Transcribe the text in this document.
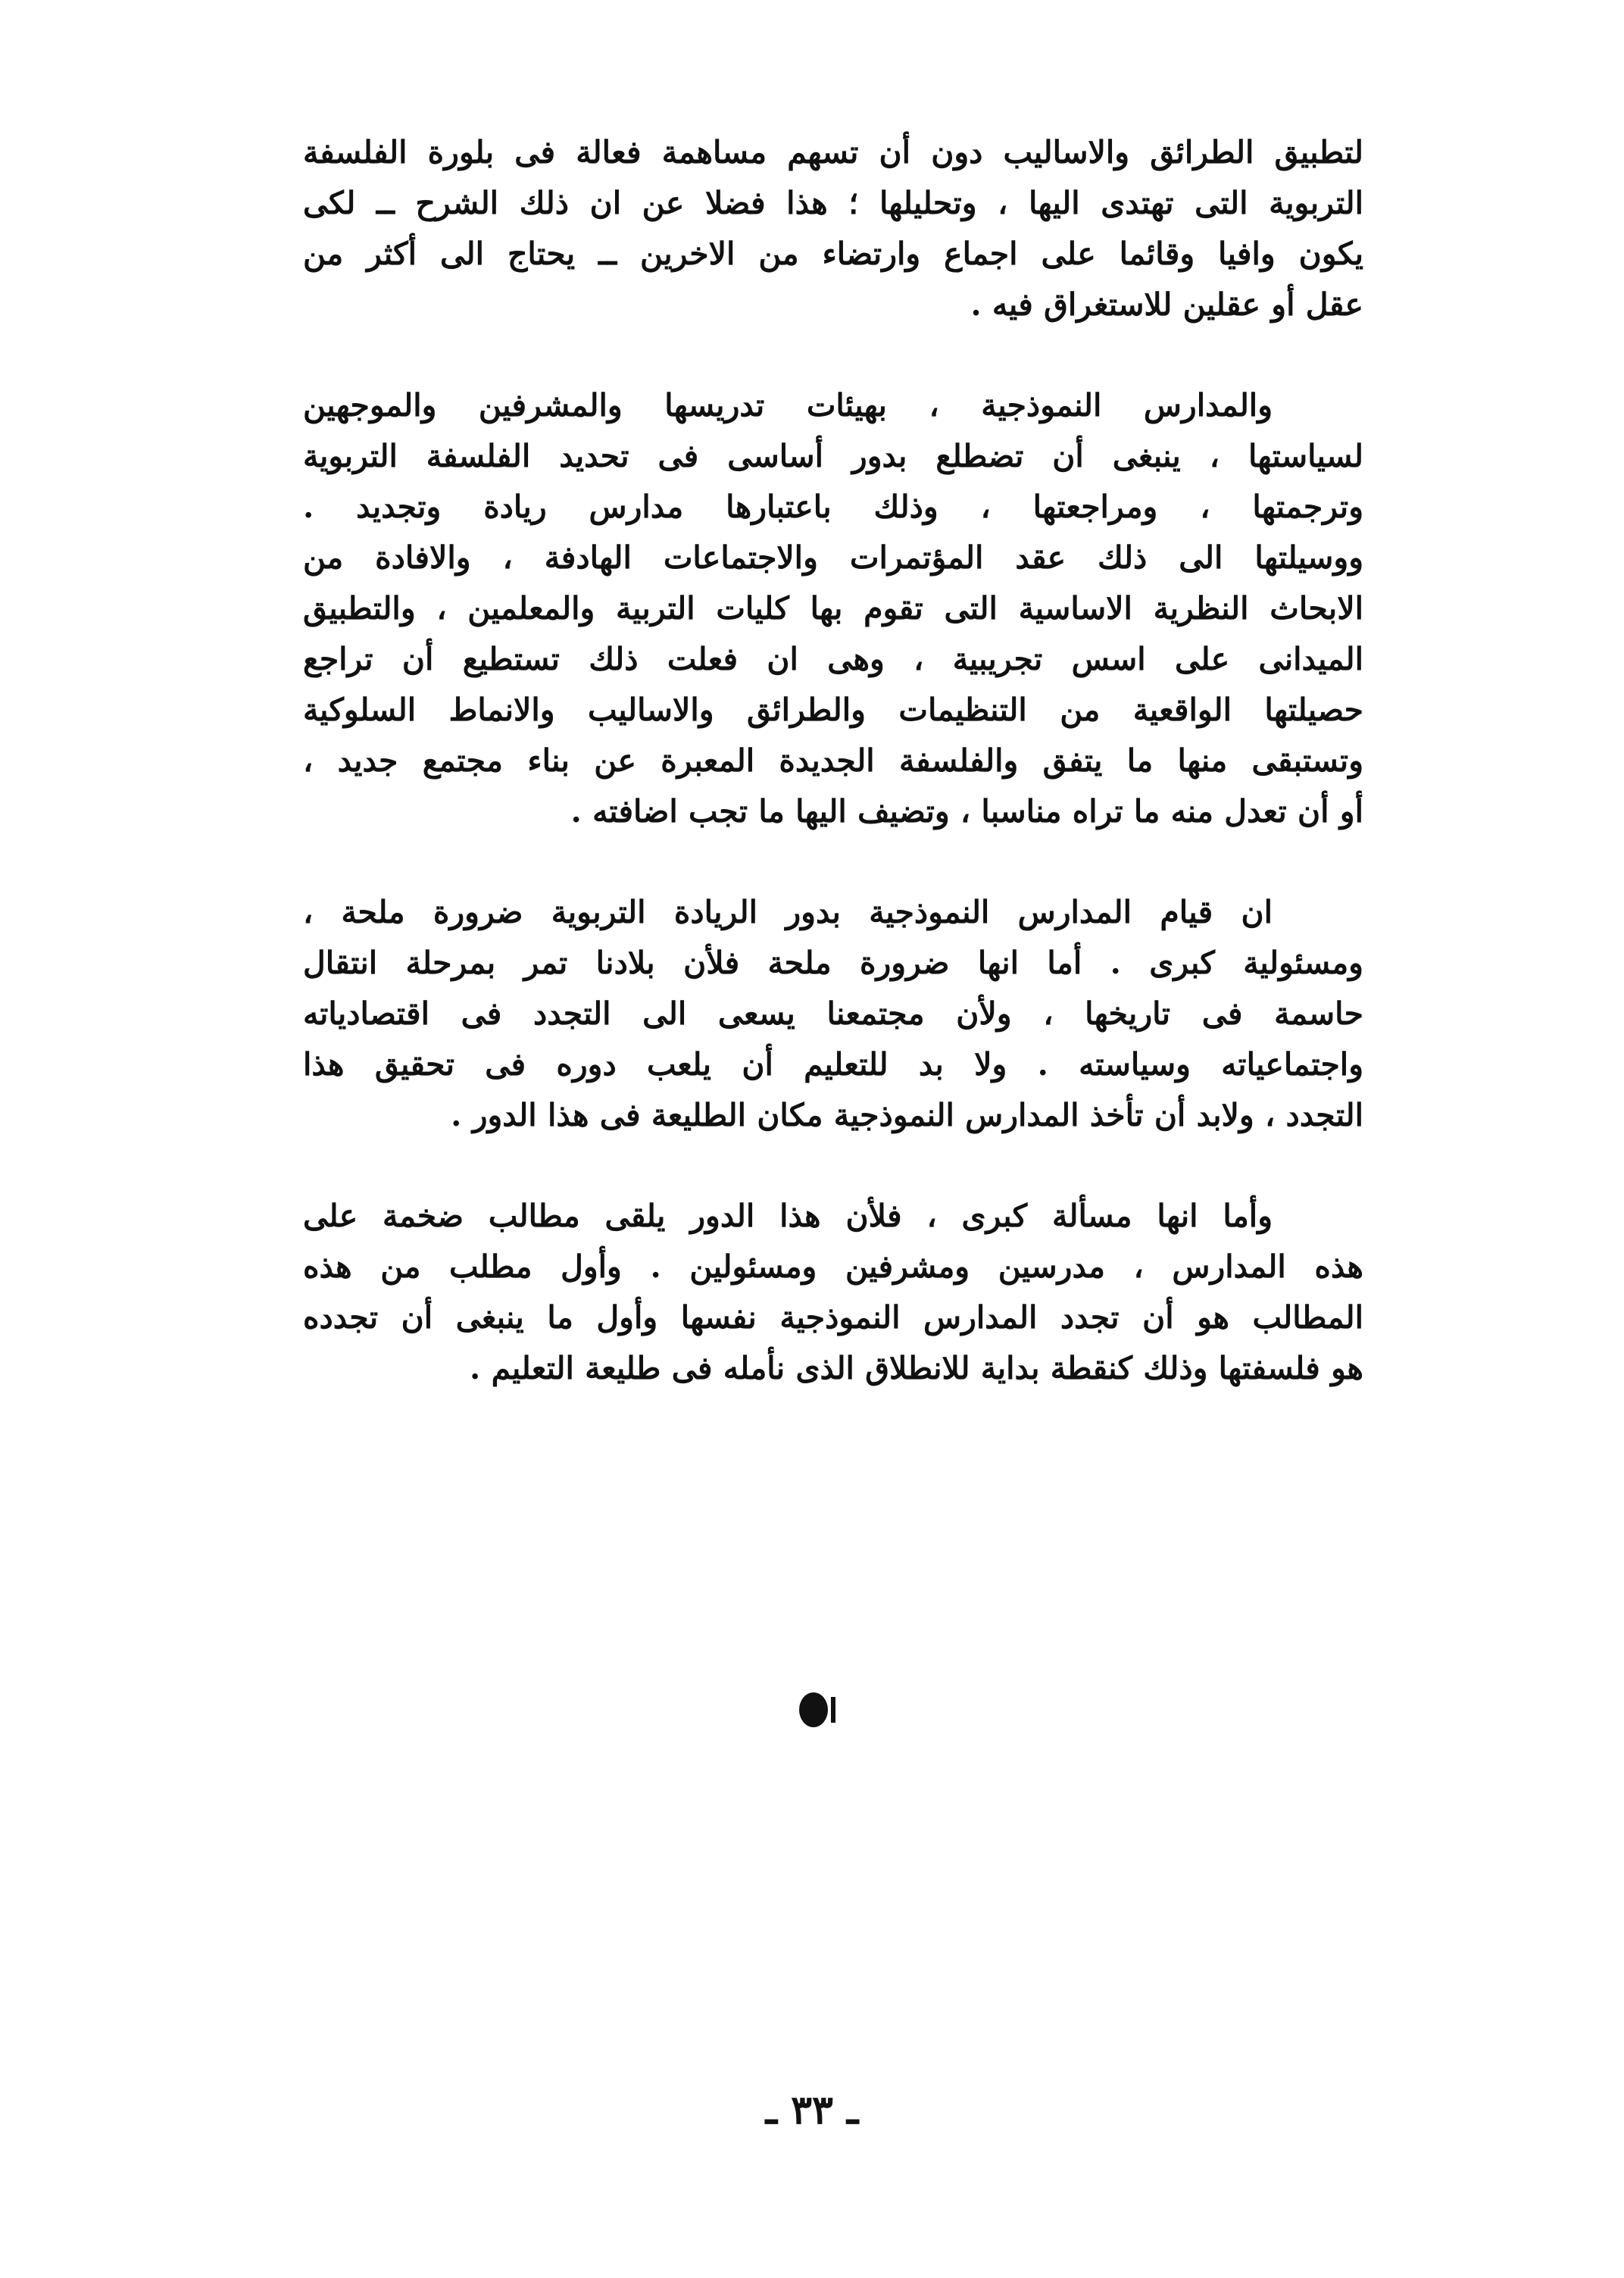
لتطبيق الطرائق والاساليب دون أن تسهم مساهمة فعالة فى بلورة الفلسفة
التربوية التى تهتدى اليها ، وتحليلها ؛ هذا فضلا عن ان ذلك الشرح ــ لكى
يكون وافيا وقائما على اجماع وارتضاء من الاخرين ــ يحتاج الى أكثر من
عقل أو عقلين للاستغراق فيه .
والمدارس النموذجية ، بهيئات تدريسها والمشرفين والموجهين
لسياستها ، ينبغى أن تضطلع بدور أساسى فى تحديد الفلسفة التربوية
وترجمتها ، ومراجعتها ، وذلك باعتبارها مدارس ريادة وتجديد .
ووسيلتها الى ذلك عقد المؤتمرات والاجتماعات الهادفة ، والافادة من
الابحاث النظرية الاساسية التى تقوم بها كليات التربية والمعلمين ، والتطبيق
الميدانى على اسس تجريبية ، وهى ان فعلت ذلك تستطيع أن تراجع
حصيلتها الواقعية من التنظيمات والطرائق والاساليب والانماط السلوكية
وتستبقى منها ما يتفق والفلسفة الجديدة المعبرة عن بناء مجتمع جديد ،
أو أن تعدل منه ما تراه مناسبا ، وتضيف اليها ما تجب اضافته .
ان قيام المدارس النموذجية بدور الريادة التربوية ضرورة ملحة ،
ومسئولية كبرى . أما انها ضرورة ملحة فلأن بلادنا تمر بمرحلة انتقال
حاسمة فى تاريخها ، ولأن مجتمعنا يسعى الى التجدد فى اقتصادياته
واجتماعياته وسياسته . ولا بد للتعليم أن يلعب دوره فى تحقيق هذا
التجدد ، ولابد أن تأخذ المدارس النموذجية مكان الطليعة فى هذا الدور .
وأما انها مسألة كبرى ، فلأن هذا الدور يلقى مطالب ضخمة على
هذه المدارس ، مدرسين ومشرفين ومسئولين . وأول مطلب من هذه
المطالب هو أن تجدد المدارس النموذجية نفسها وأول ما ينبغى أن تجدده
هو فلسفتها وذلك كنقطة بداية للانطلاق الذى نأمله فى طليعة التعليم .
ـ ٣٣ ـ
